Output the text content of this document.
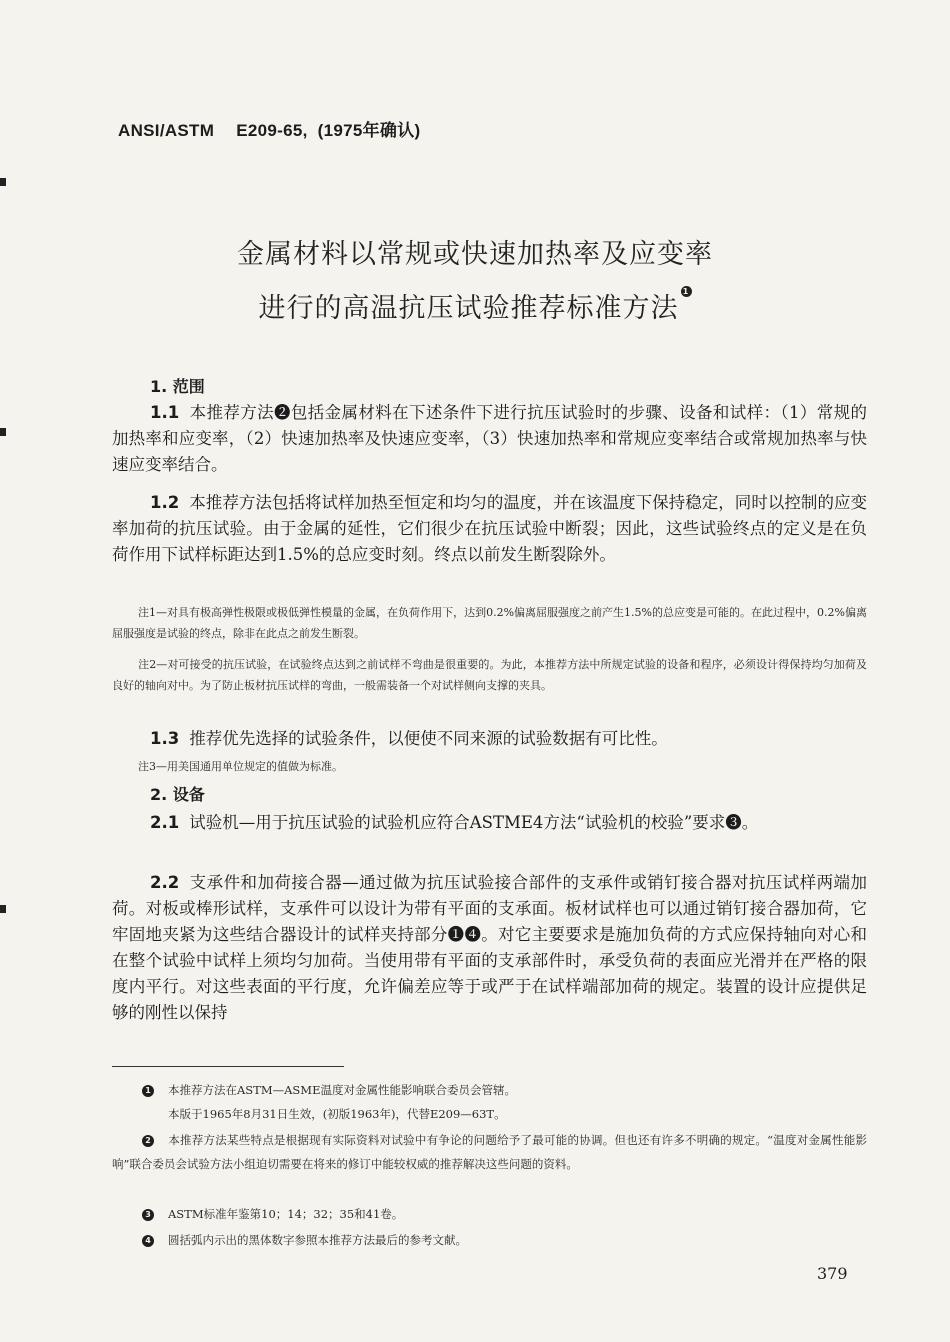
ANSI/ASTM E209-65, (1975年确认)
金属材料以常规或快速加热率及应变率
进行的高温抗压试验推荐标准方法1
1. 范围
1.1 本推荐方法❷包括金属材料在下述条件下进行抗压试验时的步骤、设备和试样：（1）常规的加热率和应变率，（2）快速加热率及快速应变率，（3）快速加热率和常规应变率结合或常规加热率与快速应变率结合。
1.2 本推荐方法包括将试样加热至恒定和均匀的温度，并在该温度下保持稳定，同时以控制的应变率加荷的抗压试验。由于金属的延性，它们很少在抗压试验中断裂；因此，这些试验终点的定义是在负荷作用下试样标距达到1.5%的总应变时刻。终点以前发生断裂除外。
注1—对具有极高弹性极限或极低弹性模量的金属，在负荷作用下，达到0.2%偏离屈服强度之前产生1.5%的总应变是可能的。在此过程中，0.2%偏离屈服强度是试验的终点，除非在此点之前发生断裂。
注2—对可接受的抗压试验，在试验终点达到之前试样不弯曲是很重要的。为此，本推荐方法中所规定试验的设备和程序，必须设计得保持均匀加荷及良好的轴向对中。为了防止板材抗压试样的弯曲，一般需装备一个对试样侧向支撑的夹具。
1.3 推荐优先选择的试验条件，以便使不同来源的试验数据有可比性。
注3—用美国通用单位规定的值做为标准。
2. 设备
2.1 试验机—用于抗压试验的试验机应符合ASTME4方法“试验机的校验”要求❸。
2.2 支承件和加荷接合器—通过做为抗压试验接合部件的支承件或销钉接合器对抗压试样两端加荷。对板或棒形试样，支承件可以设计为带有平面的支承面。板材试样也可以通过销钉接合器加荷，它牢固地夹紧为这些结合器设计的试样夹持部分❶❹。对它主要要求是施加负荷的方式应保持轴向对心和在整个试验中试样上须均匀加荷。当使用带有平面的支承部件时，承受负荷的表面应光滑并在严格的限度内平行。对这些表面的平行度，允许偏差应等于或严于在试样端部加荷的规定。装置的设计应提供足够的刚性以保持
1 本推荐方法在ASTM—ASME温度对金属性能影响联合委员会管辖。
本版于1965年8月31日生效，(初版1963年)，代替E209—63T。
2 本推荐方法某些特点是根据现有实际资料对试验中有争论的问题给予了最可能的协调。但也还有许多不明确的规定。“温度对金属性能影响”联合委员会试验方法小组迫切需要在将来的修订中能较权威的推荐解决这些问题的资料。
3 ASTM标准年鉴第10；14；32；35和41卷。
4 圆括弧内示出的黑体数字参照本推荐方法最后的参考文献。
379
